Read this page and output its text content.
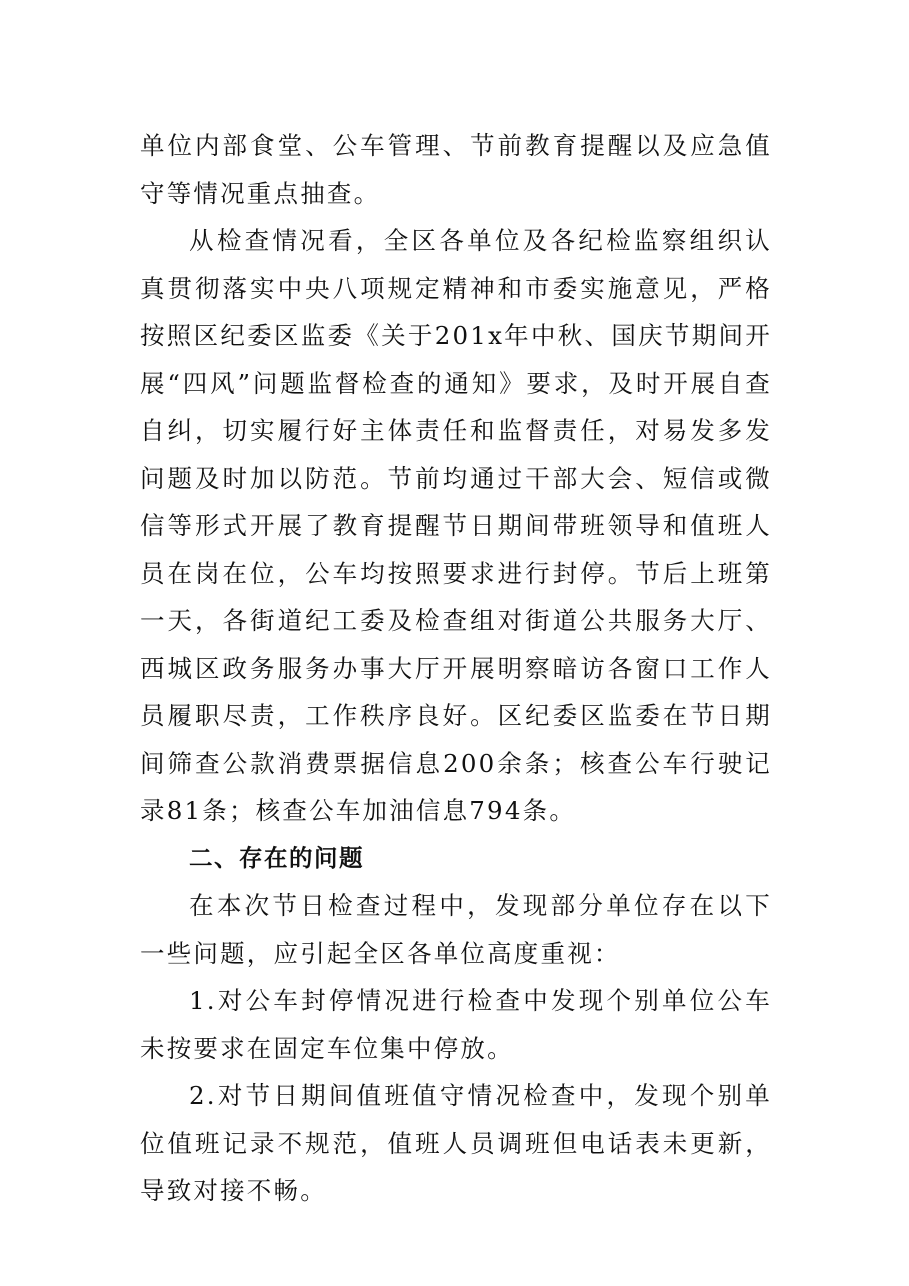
单位内部食堂、公车管理、节前教育提醒以及应急值守等情况重点抽查。

从检查情况看，全区各单位及各纪检监察组织认真贯彻落实中央八项规定精神和市委实施意见，严格按照区纪委区监委《关于201x年中秋、国庆节期间开展“四风”问题监督检查的通知》要求，及时开展自查自纠，切实履行好主体责任和监督责任，对易发多发问题及时加以防范。节前均通过干部大会、短信或微信等形式开展了教育提醒节日期间带班领导和值班人员在岗在位，公车均按照要求进行封停。节后上班第一天，各街道纪工委及检查组对街道公共服务大厅、西城区政务服务办事大厅开展明察暗访各窗口工作人员履职尽责，工作秩序良好。区纪委区监委在节日期间筛查公款消费票据信息200余条；核查公车行驶记录81条；核查公车加油信息794条。

二、存在的问题

在本次节日检查过程中，发现部分单位存在以下一些问题，应引起全区各单位高度重视：

1.对公车封停情况进行检查中发现个别单位公车未按要求在固定车位集中停放。

2.对节日期间值班值守情况检查中，发现个别单位值班记录不规范，值班人员调班但电话表未更新，导致对接不畅。
